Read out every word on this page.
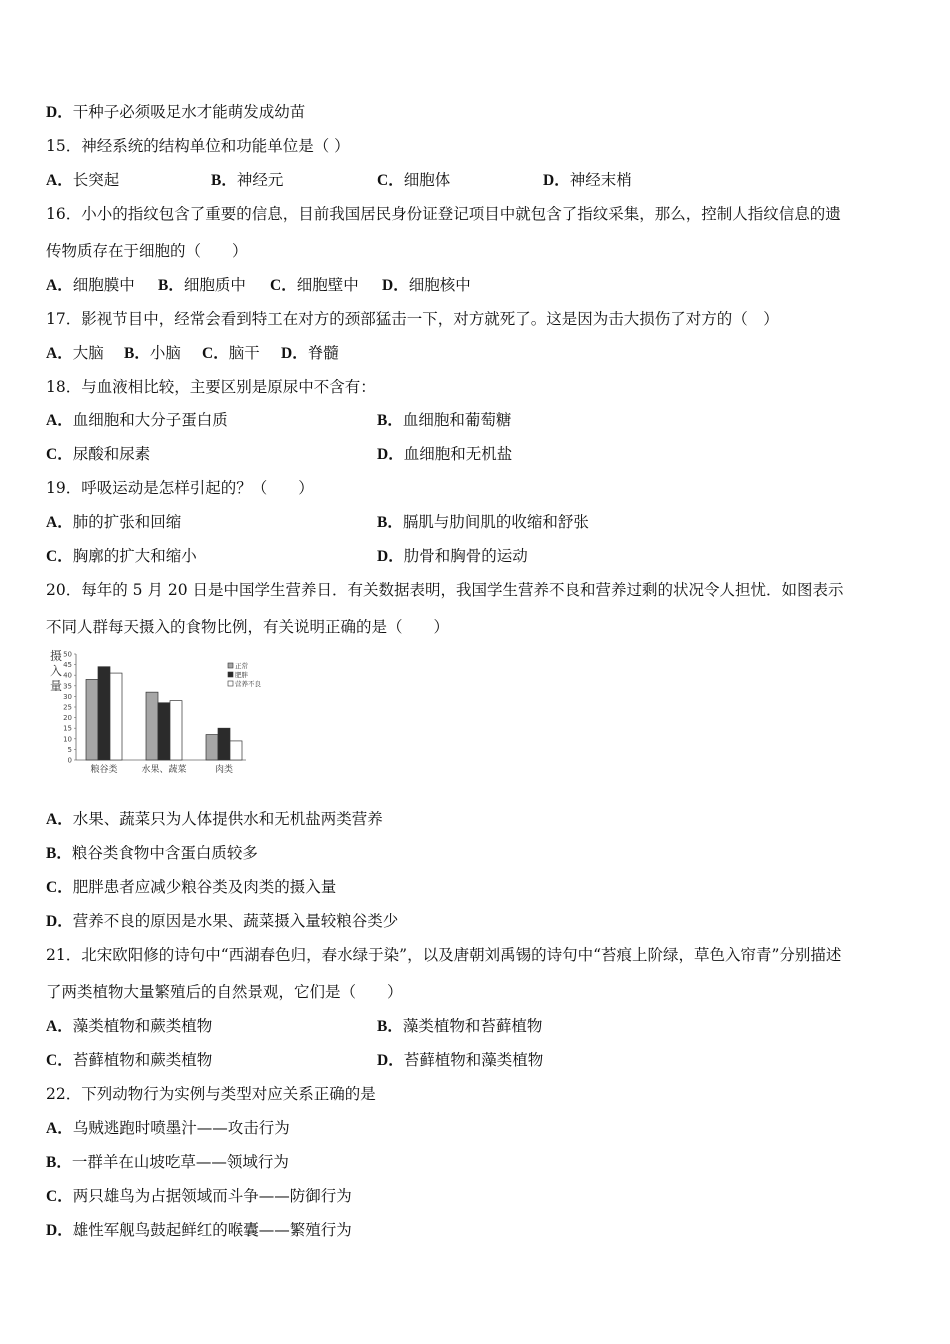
D．干种子必须吸足水才能萌发成幼苗
15．神经系统的结构单位和功能单位是（ ）
A．长突起	B．神经元	C．细胞体	D．神经末梢
16．小小的指纹包含了重要的信息，目前我国居民身份证登记项目中就包含了指纹采集，那么，控制人指纹信息的遗
传物质存在于细胞的（　　）
A．细胞膜中 B．细胞质中 C．细胞壁中 D．细胞核中
17．影视节目中，经常会看到特工在对方的颈部猛击一下，对方就死了。这是因为击大损伤了对方的（　）
A．大脑 B．小脑 C．脑干 D．脊髓
18．与血液相比较，主要区别是原尿中不含有：
A．血细胞和大分子蛋白质	B．血细胞和葡萄糖
C．尿酸和尿素	D．血细胞和无机盐
19．呼吸运动是怎样引起的？（　　）
A．肺的扩张和回缩	B．膈肌与肋间肌的收缩和舒张
C．胸廓的扩大和缩小	D．肋骨和胸骨的运动
20．每年的 5 月 20 日是中国学生营养日．有关数据表明，我国学生营养不良和营养过剩的状况令人担忧．如图表示
不同人群每天摄入的食物比例，有关说明正确的是（　　）
摄
入
量
0
5
10
15
20
25
30
35
40
45
50
粮谷类	水果、蔬菜	肉类
正常
肥胖
营养不良
A．水果、蔬菜只为人体提供水和无机盐两类营养
B．粮谷类食物中含蛋白质较多
C．肥胖患者应减少粮谷类及肉类的摄入量
D．营养不良的原因是水果、蔬菜摄入量较粮谷类少
21．北宋欧阳修的诗句中“西湖春色归，春水绿于染”，以及唐朝刘禹锡的诗句中“苔痕上阶绿，草色入帘青”分别描述
了两类植物大量繁殖后的自然景观，它们是（　　）
A．藻类植物和蕨类植物	B．藻类植物和苔藓植物
C．苔藓植物和蕨类植物	D．苔藓植物和藻类植物
22．下列动物行为实例与类型对应关系正确的是
A．乌贼逃跑时喷墨汁——攻击行为
B．一群羊在山坡吃草——领域行为
C．两只雄鸟为占据领域而斗争——防御行为
D．雄性军舰鸟鼓起鲜红的喉囊——繁殖行为
